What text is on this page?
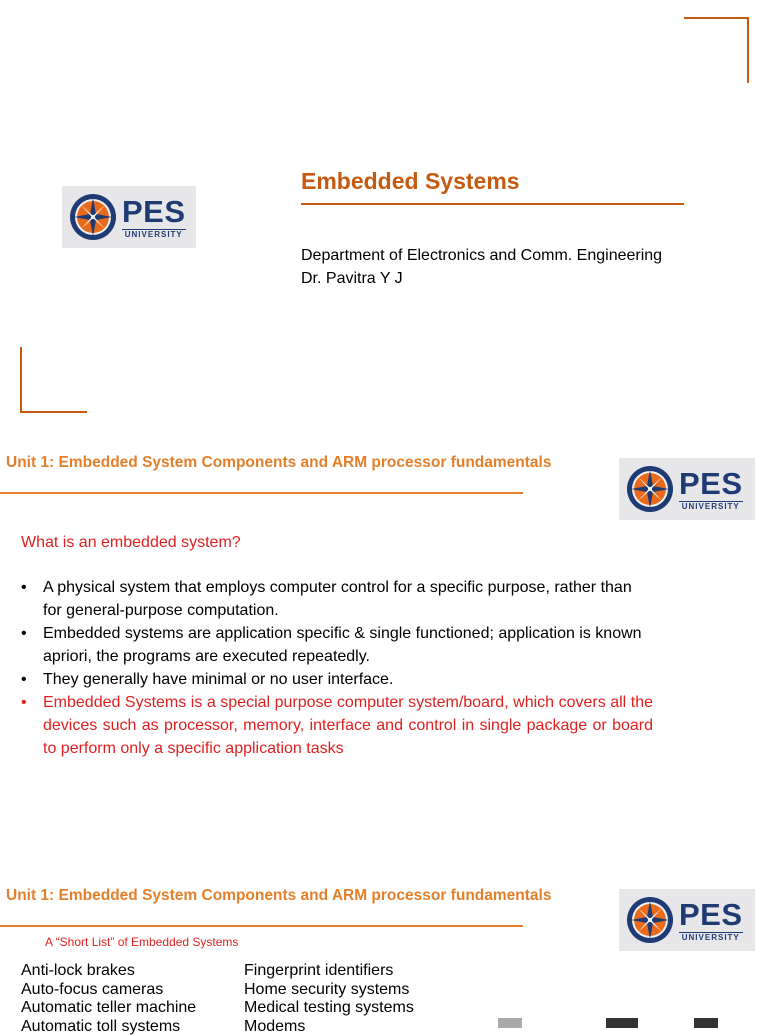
PES
UNIVERSITY
Embedded Systems
Department of Electronics and Comm. Engineering
Dr. Pavitra Y J
Unit 1: Embedded System Components and ARM processor fundamentals
PES
UNIVERSITY
What is an embedded system?
• A physical system that employs computer control for a specific purpose, rather than for general-purpose computation.
• Embedded systems are application specific & single functioned; application is known apriori, the programs are executed repeatedly.
• They generally have minimal or no user interface.
• Embedded Systems is a special purpose computer system/board, which covers all the devices such as processor, memory, interface and control in single package or board to perform only a specific application tasks
Unit 1: Embedded System Components and ARM processor fundamentals
PES
UNIVERSITY
A “Short List” of Embedded Systems
Anti-lock brakes
Auto-focus cameras
Automatic teller machine
Automatic toll systems
Fingerprint identifiers
Home security systems
Medical testing systems
Modems
